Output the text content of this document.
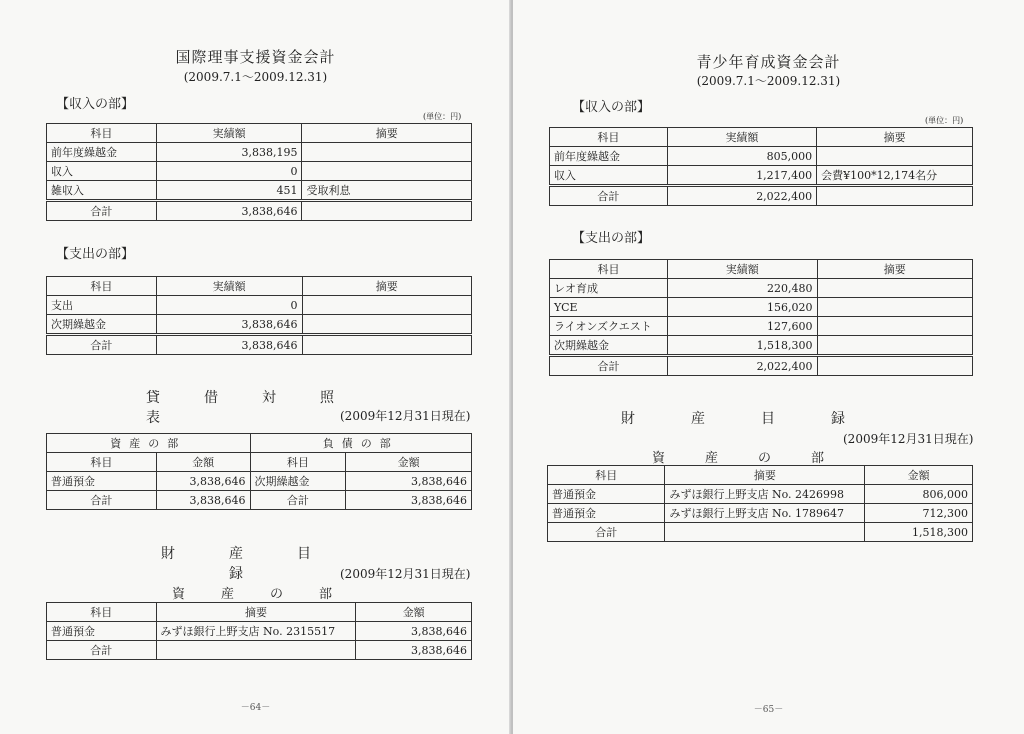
国際理事支援資金会計
(2009.7.1～2009.12.31)
【収入の部】
(単位：円)
科目	実績額	摘要
前年度繰越金	3,838,195	
収入	0	
雑収入	451	受取利息
合計	3,838,646	
【支出の部】
科目	実績額	摘要
支出	0	
次期繰越金	3,838,646	
合計	3,838,646	
貸借対照表	(2009年12月31日現在)
資産の部		負債の部	
科目	金額	科目	金額
普通預金	3,838,646	次期繰越金	3,838,646
合計	3,838,646	合計	3,838,646
財産目録	(2009年12月31日現在)
資産の部
科目	摘要	金額
普通預金	みずほ銀行上野支店 No. 2315517	3,838,646
合計		3,838,646
－64－
青少年育成資金会計
(2009.7.1～2009.12.31)
【収入の部】
(単位：円)
科目	実績額	摘要
前年度繰越金	805,000	
収入	1,217,400	会費¥100*12,174名分
合計	2,022,400	
【支出の部】
科目	実績額	摘要
レオ育成	220,480	
YCE	156,020	
ライオンズクエスト	127,600	
次期繰越金	1,518,300	
合計	2,022,400	
財産目録
(2009年12月31日現在)
資産の部
科目	摘要	金額
普通預金	みずほ銀行上野支店 No. 2426998	806,000
普通預金	みずほ銀行上野支店 No. 1789647	712,300
合計		1,518,300
－65－
